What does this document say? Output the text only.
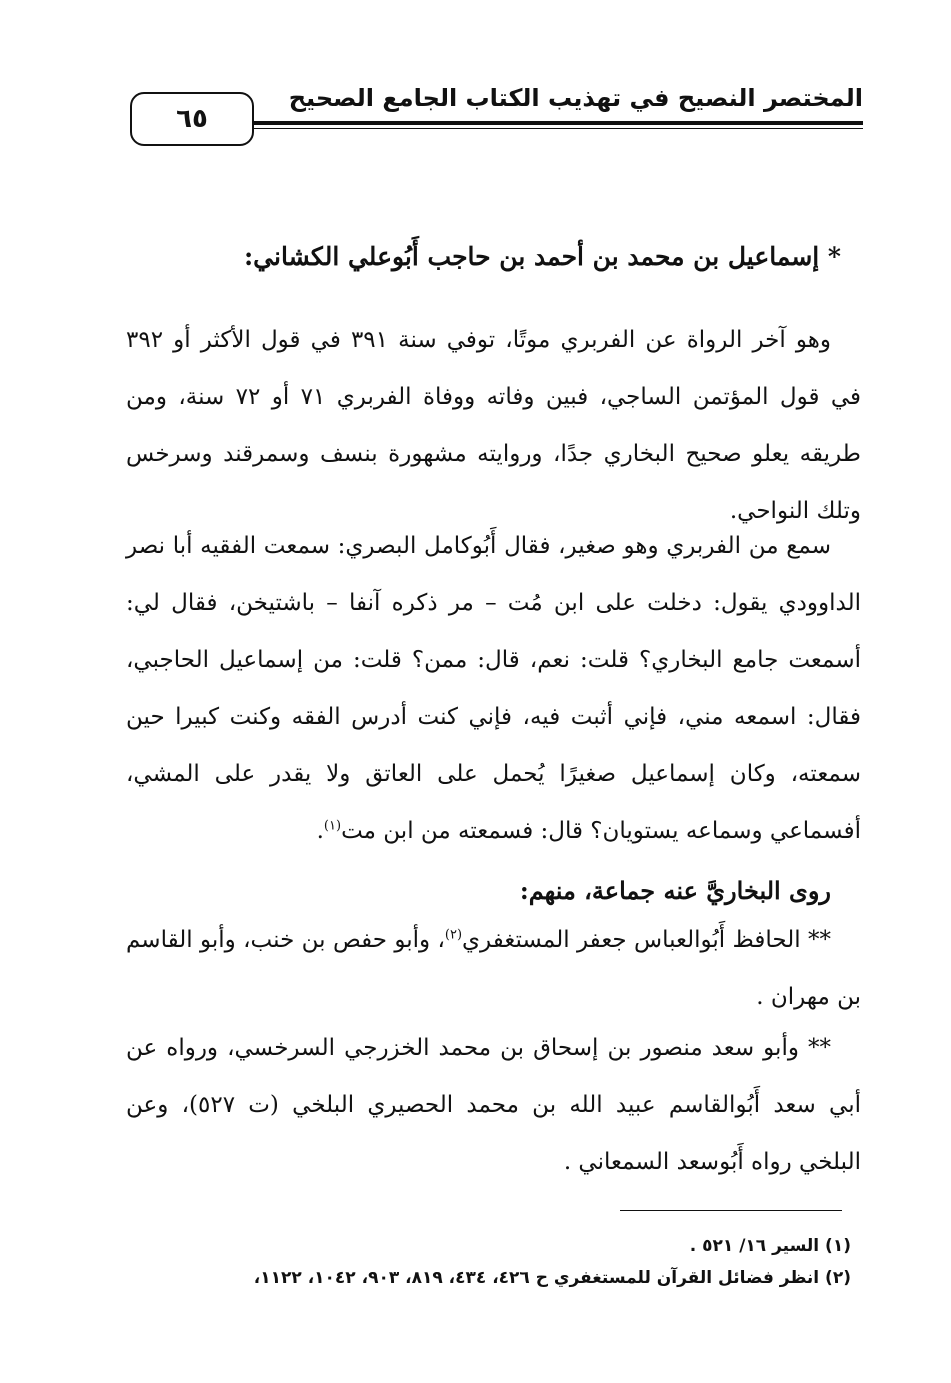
المختصر النصيح في تهذيب الكتاب الجامع الصحيح
٦٥
* إسماعيل بن محمد بن أحمد بن حاجب أَبُوعلي الكشاني:
وهو آخر الرواة عن الفربري موتًا، توفي سنة ٣٩١ في قول الأكثر أو ٣٩٢ في قول المؤتمن الساجي، فبين وفاته ووفاة الفربري ٧١ أو ٧٢ سنة، ومن طريقه يعلو صحيح البخاري جدًا، وروايته مشهورة بنسف وسمرقند وسرخس وتلك النواحي.
سمع من الفربري وهو صغير، فقال أَبُوكامل البصري: سمعت الفقيه أبا نصر الداوودي يقول: دخلت على ابن مُت – مر ذكره آنفا – باشتيخن، فقال لي: أسمعت جامع البخاري؟ قلت: نعم، قال: ممن؟ قلت: من إسماعيل الحاجبي، فقال: اسمعه مني، فإني أثبت فيه، فإني كنت أدرس الفقه وكنت كبيرا حين سمعته، وكان إسماعيل صغيرًا يُحمل على العاتق ولا يقدر على المشي، أفسماعي وسماعه يستويان؟ قال: فسمعته من ابن مت$^{(١)}$.
روى البخاريَّ عنه جماعة، منهم:
** الحافظ أَبُوالعباس جعفر المستغفري$^{(٢)}$، وأبو حفص بن خنب، وأبو القاسم بن مهران .
** وأبو سعد منصور بن إسحاق بن محمد الخزرجي السرخسي، ورواه عن أبي سعد أَبُوالقاسم عبيد الله بن محمد الحصيري البلخي (ت ٥٢٧)، وعن البلخي رواه أَبُوسعد السمعاني .
(١) السير ١٦/ ٥٢١ .
(٢) انظر فضائل القرآن للمستغفري ح ٤٢٦، ٤٣٤، ٨١٩، ٩٠٣، ١٠٤٢، ١١٢٢،
